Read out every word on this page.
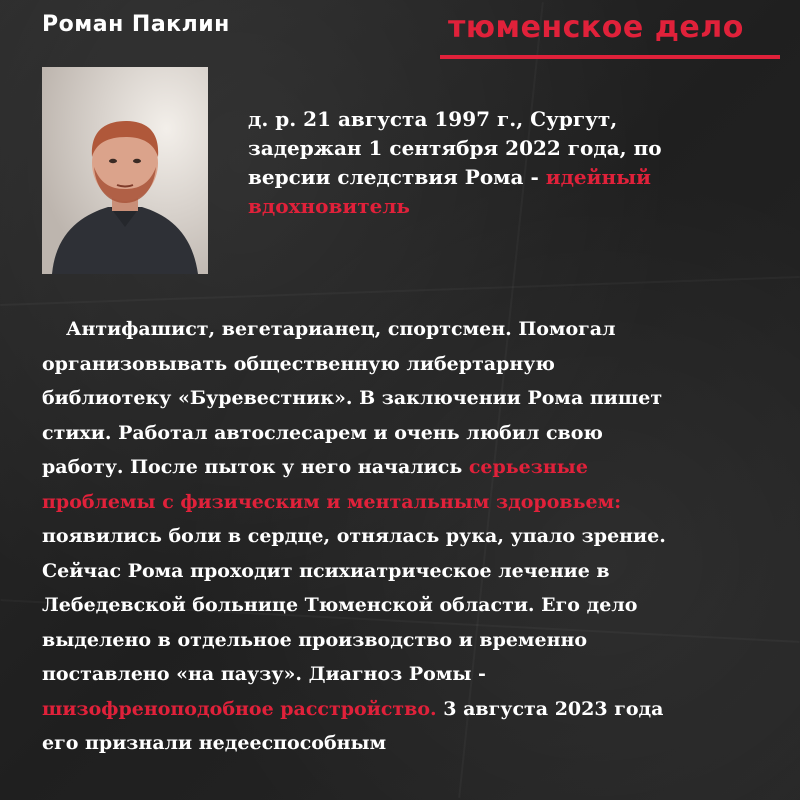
Роман Паклин	тюменское дело

д. р. 21 августа 1997 г., Сургут,
задержан 1 сентября 2022 года, по
версии следствия Рома - идейный
вдохновитель

Антифашист, вегетарианец, спортсмен. Помогал
организовывать общественную либертарную
библиотеку «Буревестник». В заключении Рома пишет
стихи. Работал автослесарем и очень любил свою
работу. После пыток у него начались серьезные
проблемы с физическим и ментальным здоровьем:
появились боли в сердце, отнялась рука, упало зрение.
Сейчас Рома проходит психиатрическое лечение в
Лебедевской больнице Тюменской области. Его дело
выделено в отдельное производство и временно
поставлено «на паузу». Диагноз Ромы -
шизофреноподобное расстройство. 3 августа 2023 года
его признали недееспособным
